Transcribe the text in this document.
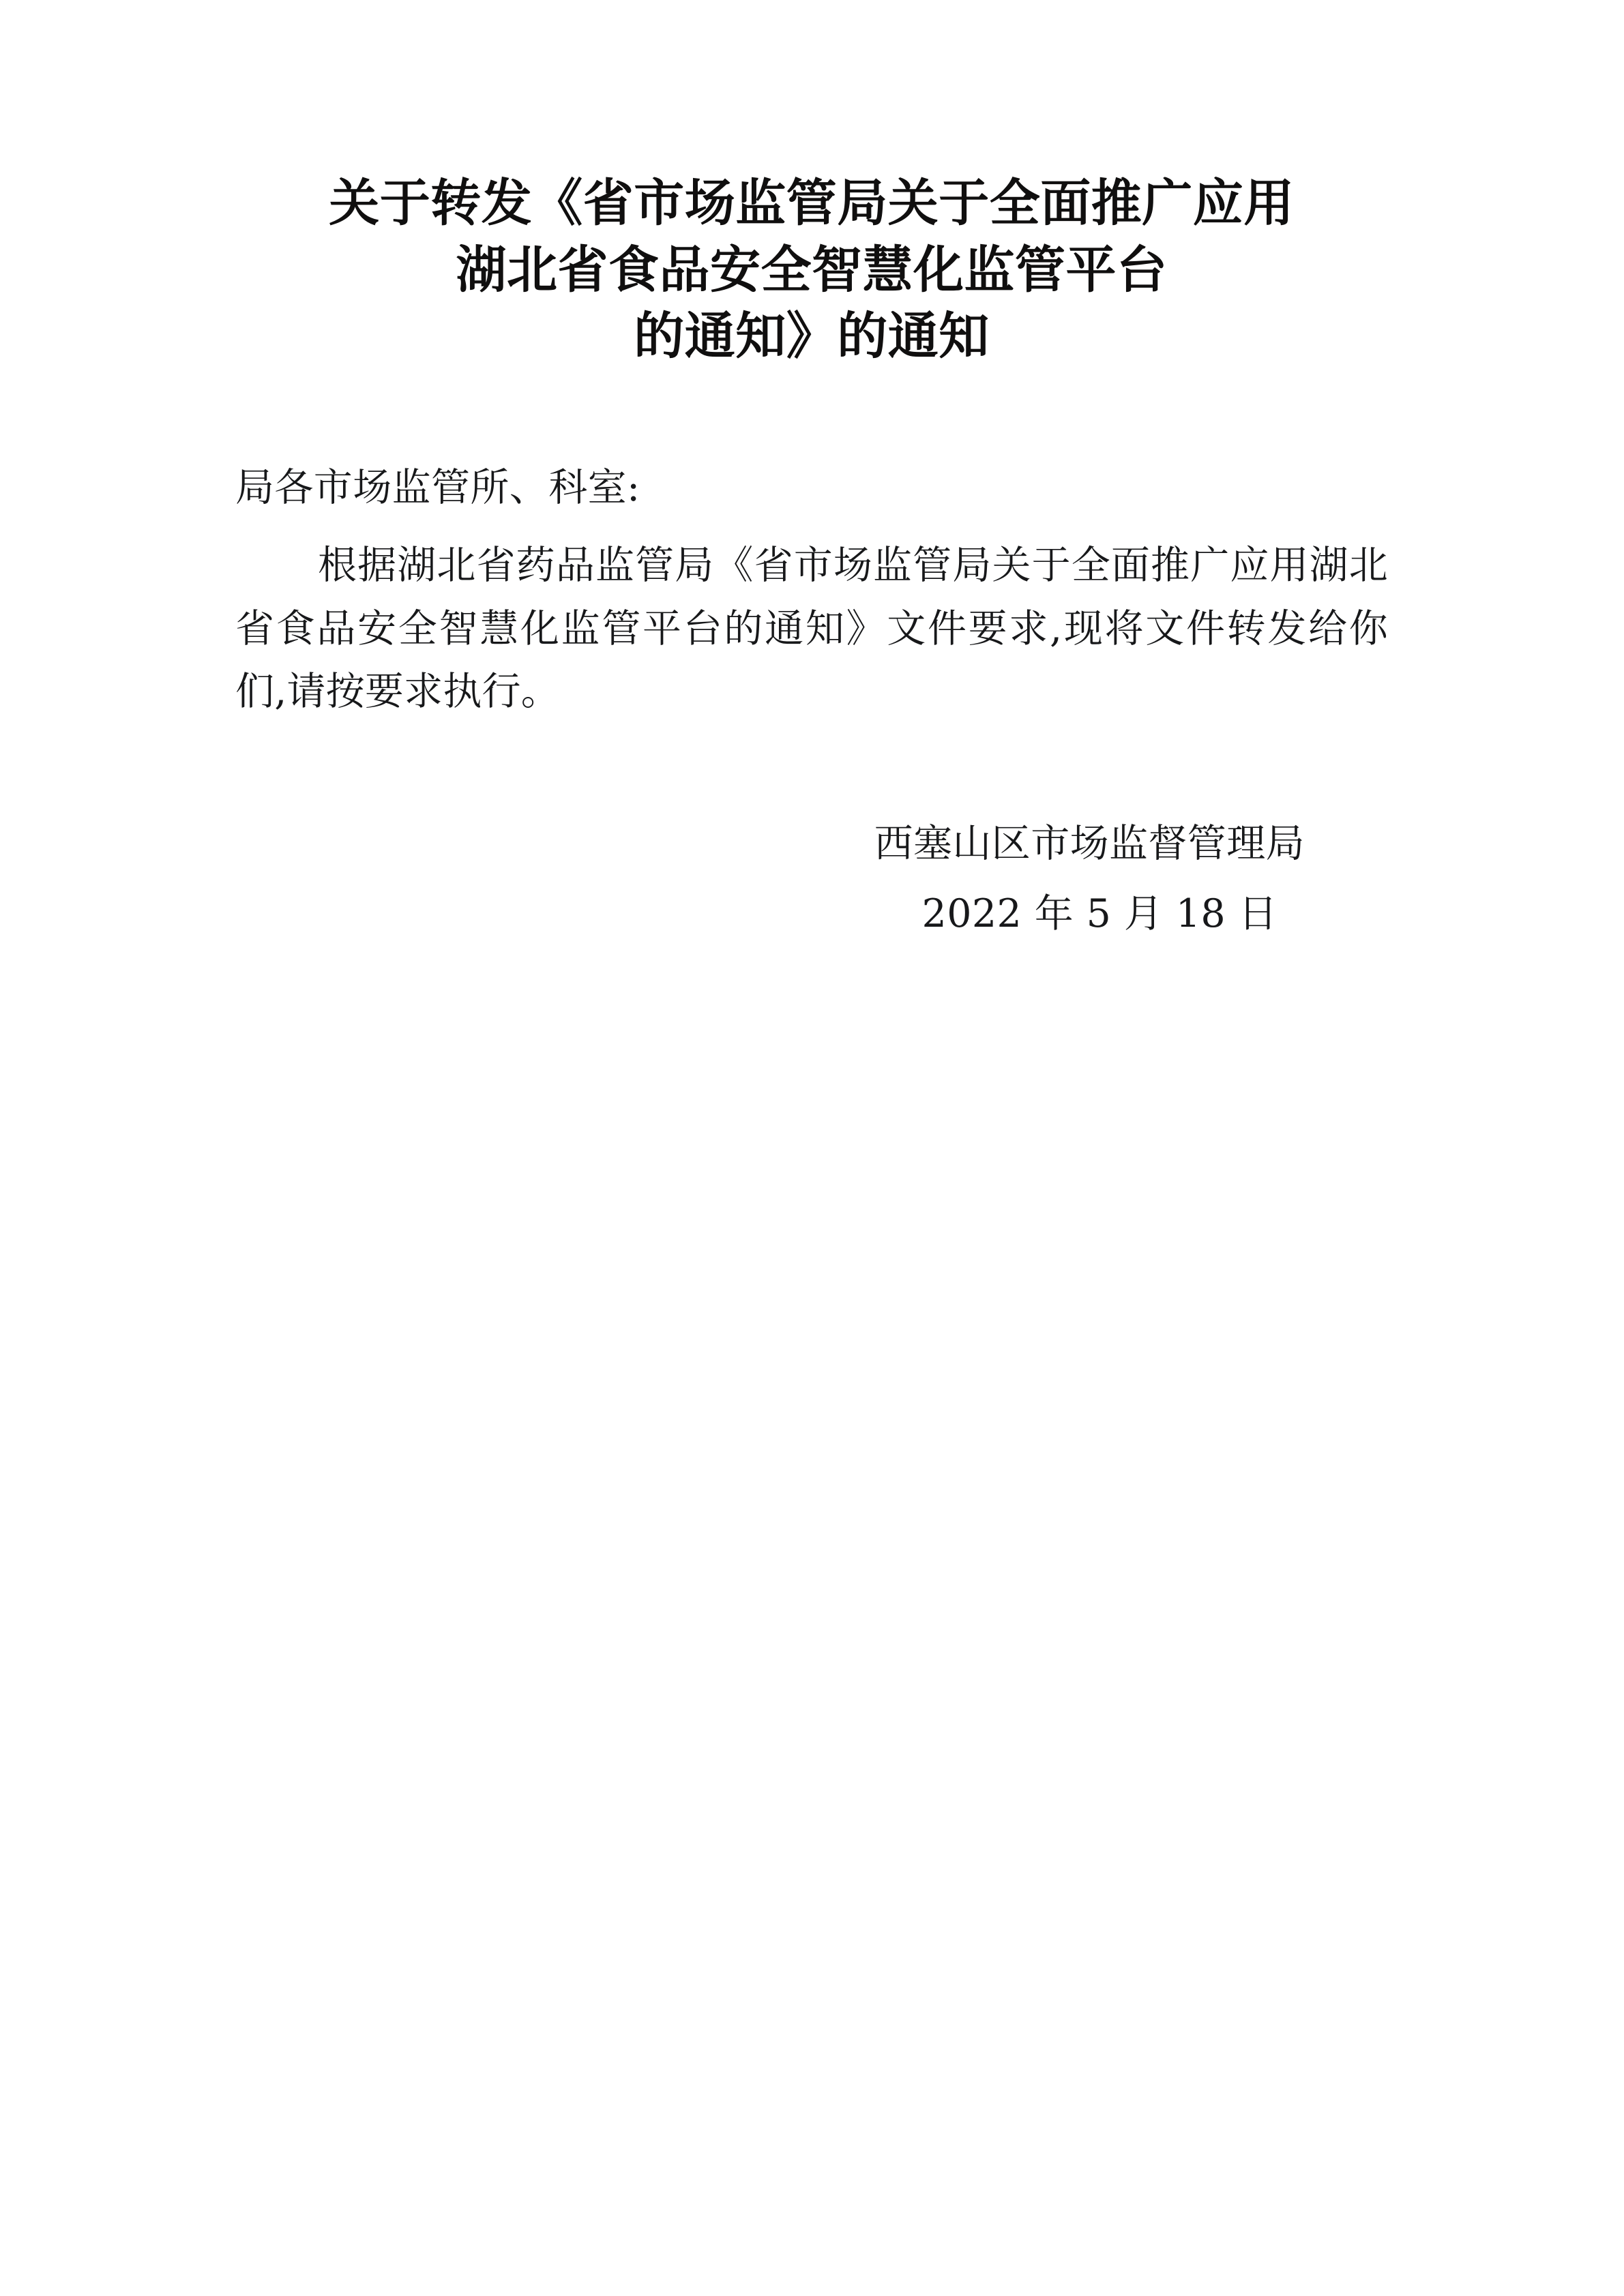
关于转发《省市场监管局关于全面推广应用
湖北省食品安全智慧化监管平台
的通知》的通知
局各市场监管所、科室:

根据湖北省药品监管局《省市场监管局关于全面推广应用湖北省食品安全智慧化监管平台的通知》文件要求,现将文件转发给你们,请按要求执行。

西塞山区市场监督管理局
2022 年 5 月 18 日
